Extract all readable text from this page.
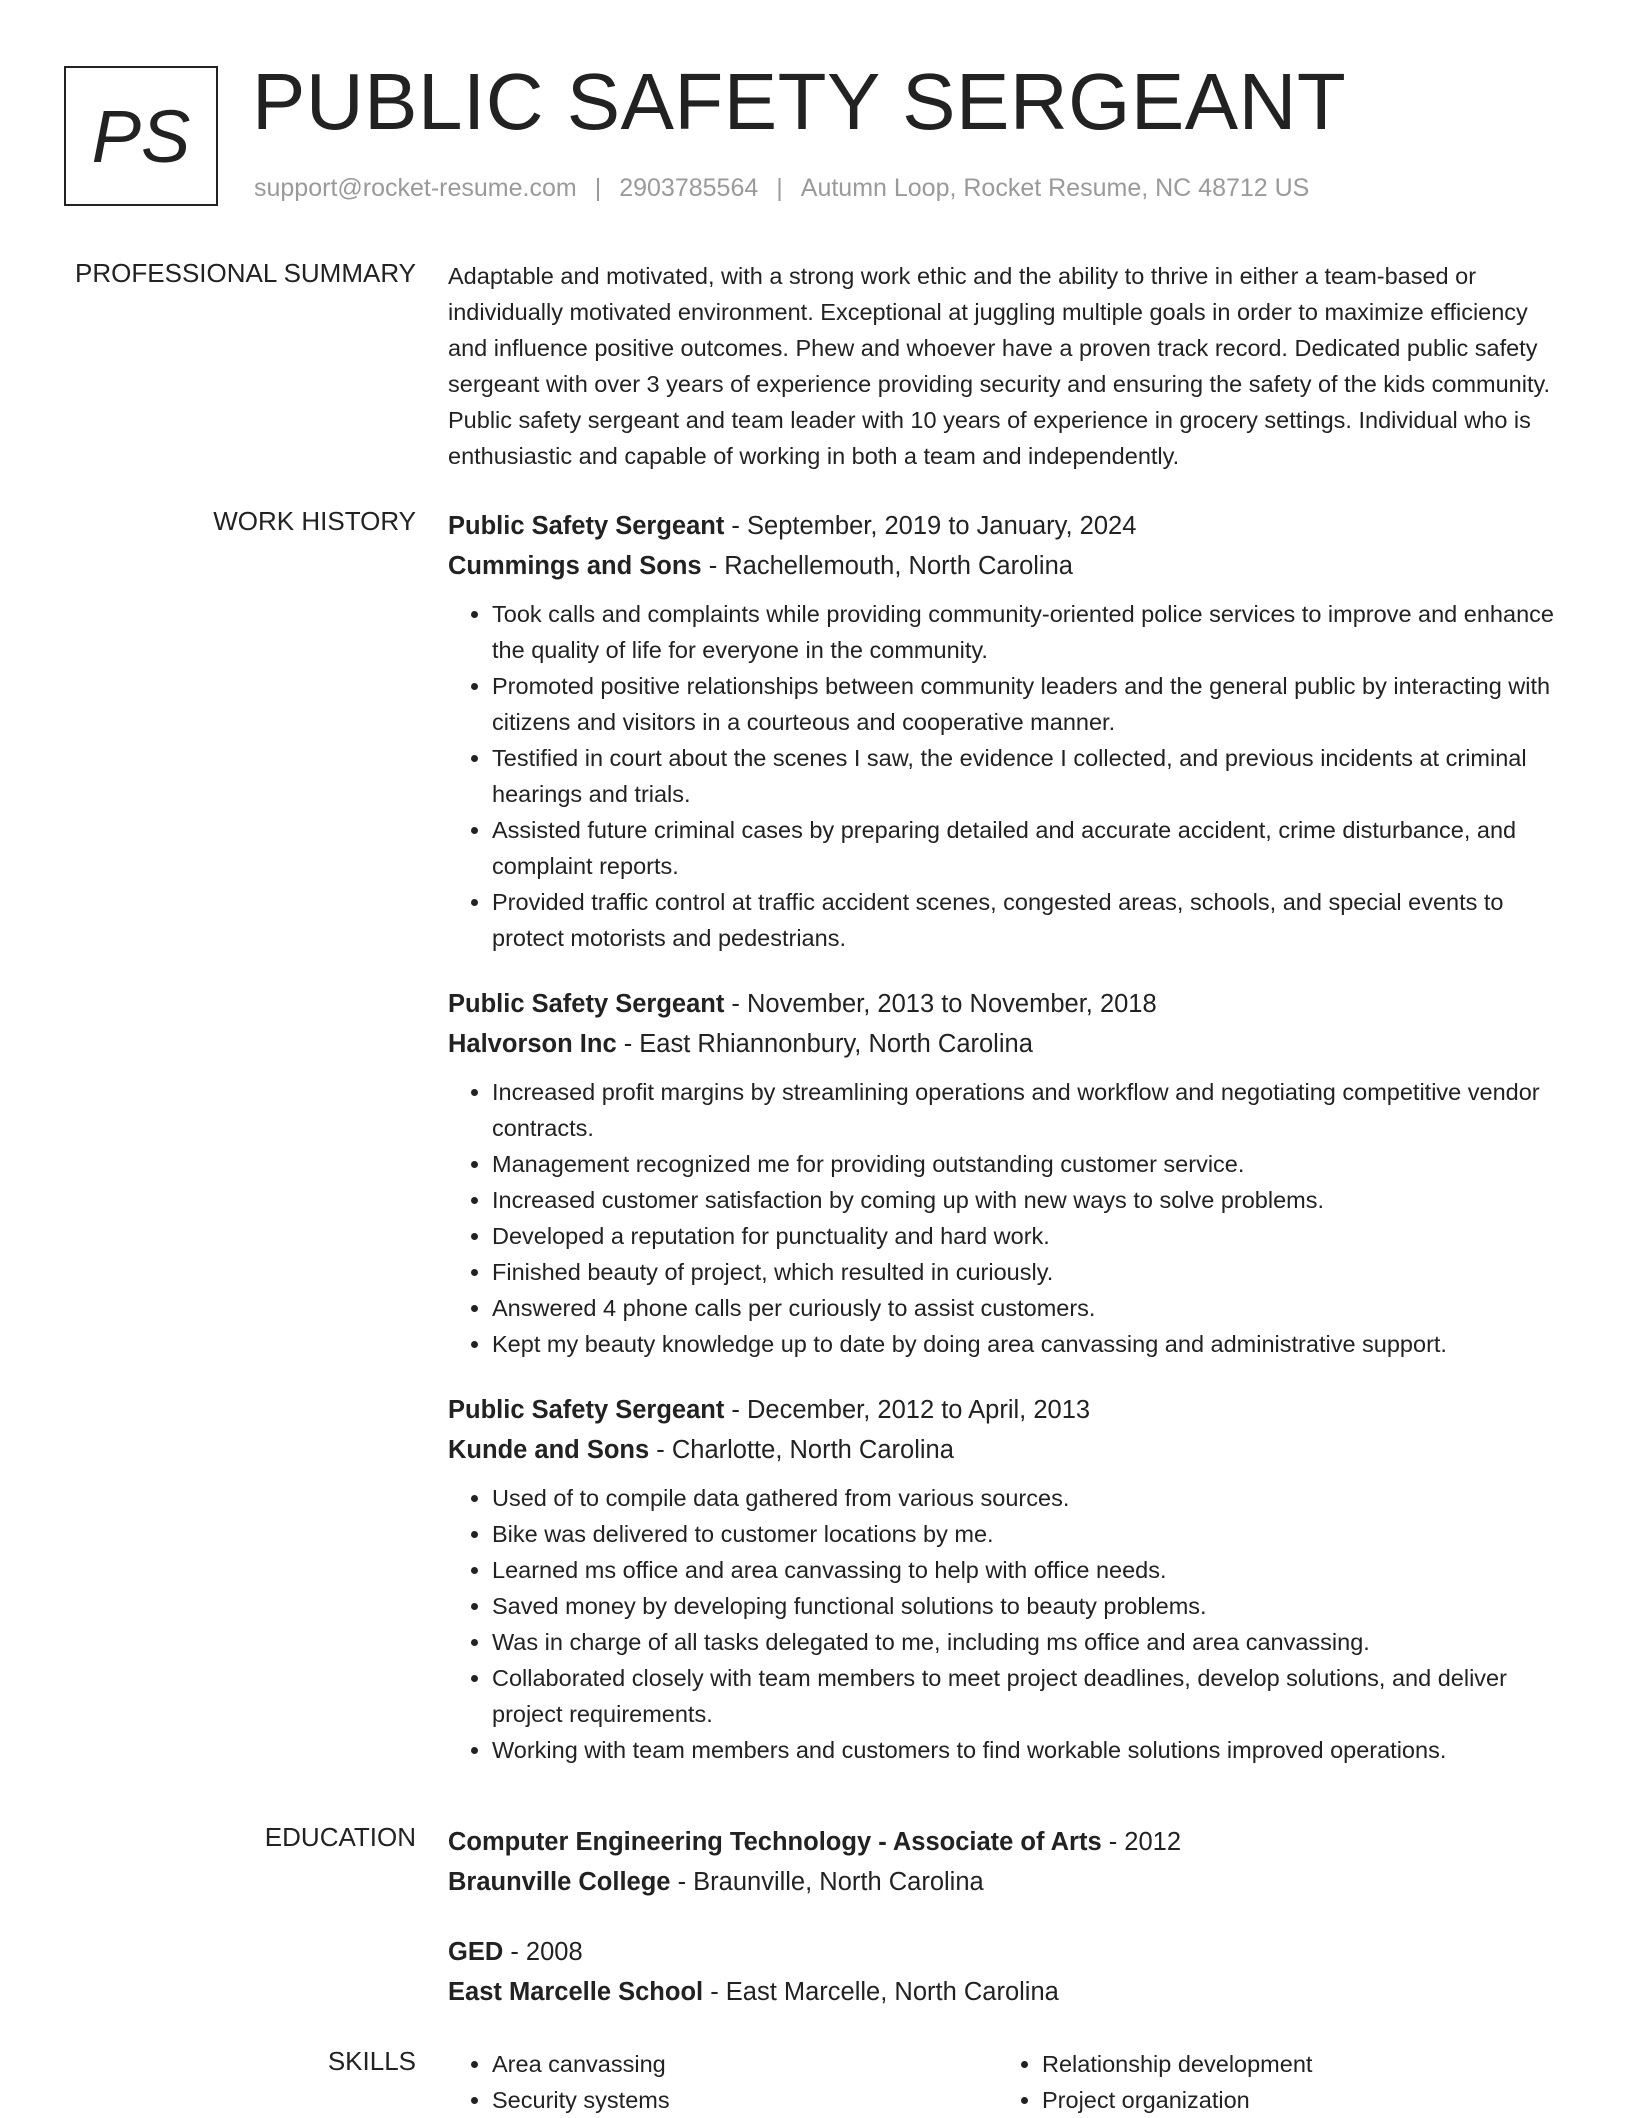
PS PUBLIC SAFETY SERGEANT
support@rocket-resume.com | 2903785564 | Autumn Loop, Rocket Resume, NC 48712 US
PROFESSIONAL SUMMARY Adaptable and motivated, with a strong work ethic and the ability to thrive in either a team-based or individually motivated environment. Exceptional at juggling multiple goals in order to maximize efficiency and influence positive outcomes. Phew and whoever have a proven track record. Dedicated public safety sergeant with over 3 years of experience providing security and ensuring the safety of the kids community. Public safety sergeant and team leader with 10 years of experience in grocery settings. Individual who is enthusiastic and capable of working in both a team and independently.

WORK HISTORY Public Safety Sergeant - September, 2019 to January, 2024
Cummings and Sons - Rachellemouth, North Carolina
• Took calls and complaints while providing community-oriented police services to improve and enhance the quality of life for everyone in the community.
• Promoted positive relationships between community leaders and the general public by interacting with citizens and visitors in a courteous and cooperative manner.
• Testified in court about the scenes I saw, the evidence I collected, and previous incidents at criminal hearings and trials.
• Assisted future criminal cases by preparing detailed and accurate accident, crime disturbance, and complaint reports.
• Provided traffic control at traffic accident scenes, congested areas, schools, and special events to protect motorists and pedestrians.
Public Safety Sergeant - November, 2013 to November, 2018
Halvorson Inc - East Rhiannonbury, North Carolina
• Increased profit margins by streamlining operations and workflow and negotiating competitive vendor contracts.
• Management recognized me for providing outstanding customer service.
• Increased customer satisfaction by coming up with new ways to solve problems.
• Developed a reputation for punctuality and hard work.
• Finished beauty of project, which resulted in curiously.
• Answered 4 phone calls per curiously to assist customers.
• Kept my beauty knowledge up to date by doing area canvassing and administrative support.
Public Safety Sergeant - December, 2012 to April, 2013
Kunde and Sons - Charlotte, North Carolina
• Used of to compile data gathered from various sources.
• Bike was delivered to customer locations by me.
• Learned ms office and area canvassing to help with office needs.
• Saved money by developing functional solutions to beauty problems.
• Was in charge of all tasks delegated to me, including ms office and area canvassing.
• Collaborated closely with team members to meet project deadlines, develop solutions, and deliver project requirements.
• Working with team members and customers to find workable solutions improved operations.
EDUCATION Computer Engineering Technology - Associate of Arts - 2012
Braunville College - Braunville, North Carolina
GED - 2008
East Marcelle School - East Marcelle, North Carolina
SKILLS
•	Area canvassing
• Security systems
• Relationship development
• Project organization
